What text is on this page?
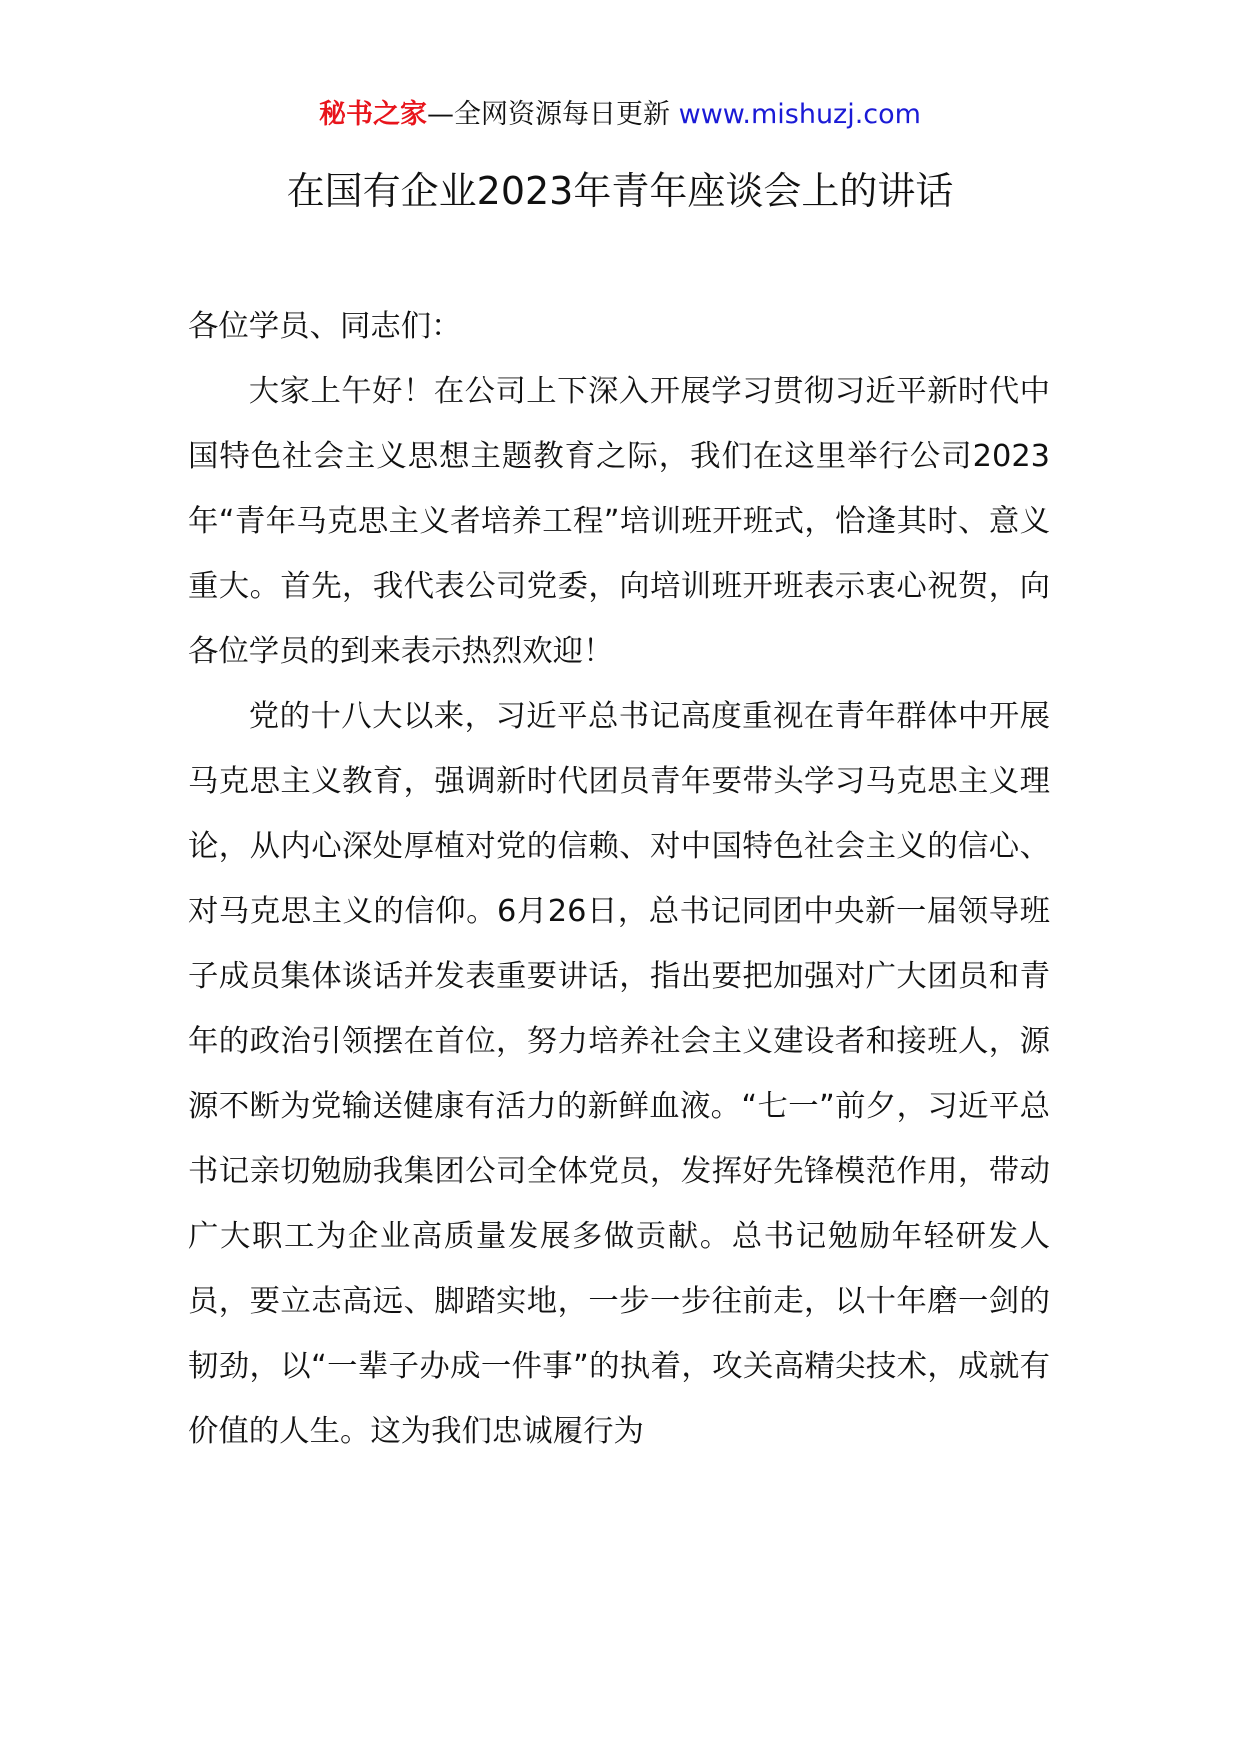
秘书之家—全网资源每日更新 www.mishuzj.com
在国有企业2023年青年座谈会上的讲话

各位学员、同志们：

大家上午好！在公司上下深入开展学习贯彻习近平新时代中国特色社会主义思想主题教育之际，我们在这里举行公司2023年“青年马克思主义者培养工程”培训班开班式，恰逢其时、意义重大。首先，我代表公司党委，向培训班开班表示衷心祝贺，向各位学员的到来表示热烈欢迎！

党的十八大以来，习近平总书记高度重视在青年群体中开展马克思主义教育，强调新时代团员青年要带头学习马克思主义理论，从内心深处厚植对党的信赖、对中国特色社会主义的信心、对马克思主义的信仰。6月26日，总书记同团中央新一届领导班子成员集体谈话并发表重要讲话，指出要把加强对广大团员和青年的政治引领摆在首位，努力培养社会主义建设者和接班人，源源不断为党输送健康有活力的新鲜血液。“七一”前夕，习近平总书记亲切勉励我集团公司全体党员，发挥好先锋模范作用，带动广大职工为企业高质量发展多做贡献。总书记勉励年轻研发人员，要立志高远、脚踏实地，一步一步往前走，以十年磨一剑的韧劲，以“一辈子办成一件事”的执着，攻关高精尖技术，成就有价值的人生。这为我们忠诚履行为
